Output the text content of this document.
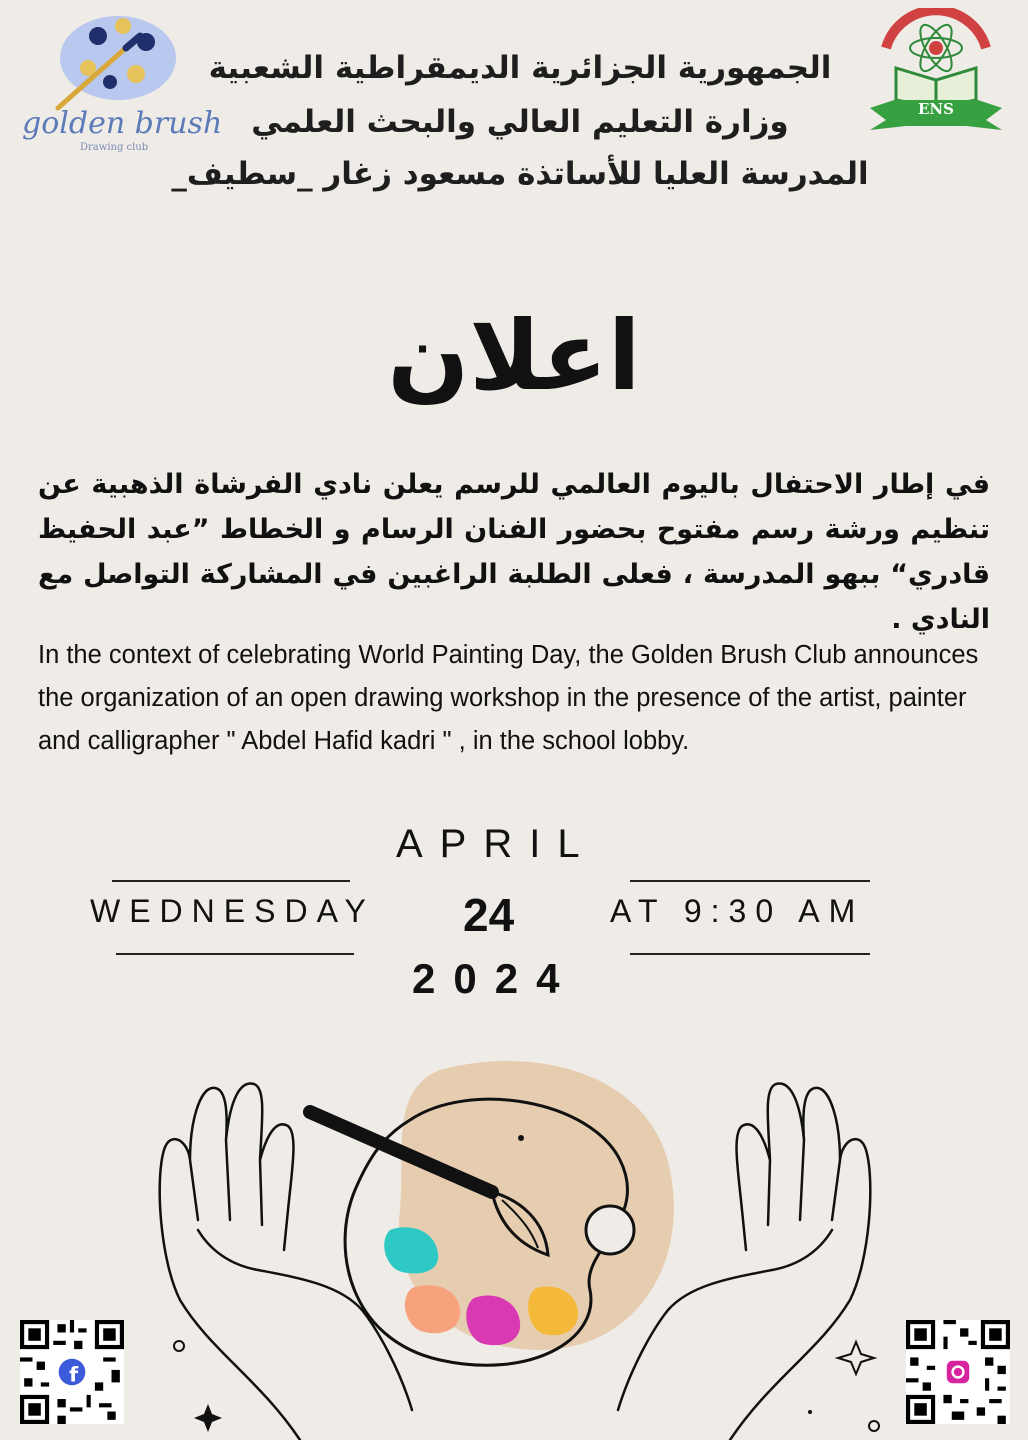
golden brush
Drawing club
ENS
الجمهورية الجزائرية الديمقراطية الشعبية
وزارة التعليم العالي والبحث العلمي
المدرسة العليا للأساتذة مسعود زغار _سطيف_
اعلان
في إطار الاحتفال باليوم العالمي للرسم يعلن نادي الفرشاة الذهبية عن تنظيم ورشة رسم مفتوح بحضور الفنان الرسام و الخطاط ”عبد الحفيظ قادري“ ببهو المدرسة ، فعلى الطلبة الراغبين في المشاركة التواصل مع النادي .
In the context of celebrating World Painting Day, the Golden Brush Club announces the organization of an open drawing workshop in the presence of the artist, painter and calligrapher " Abdel Hafid kadri " , in the school lobby.
APRIL
WEDNESDAY 24	AT 9:30 AM
2024
f
